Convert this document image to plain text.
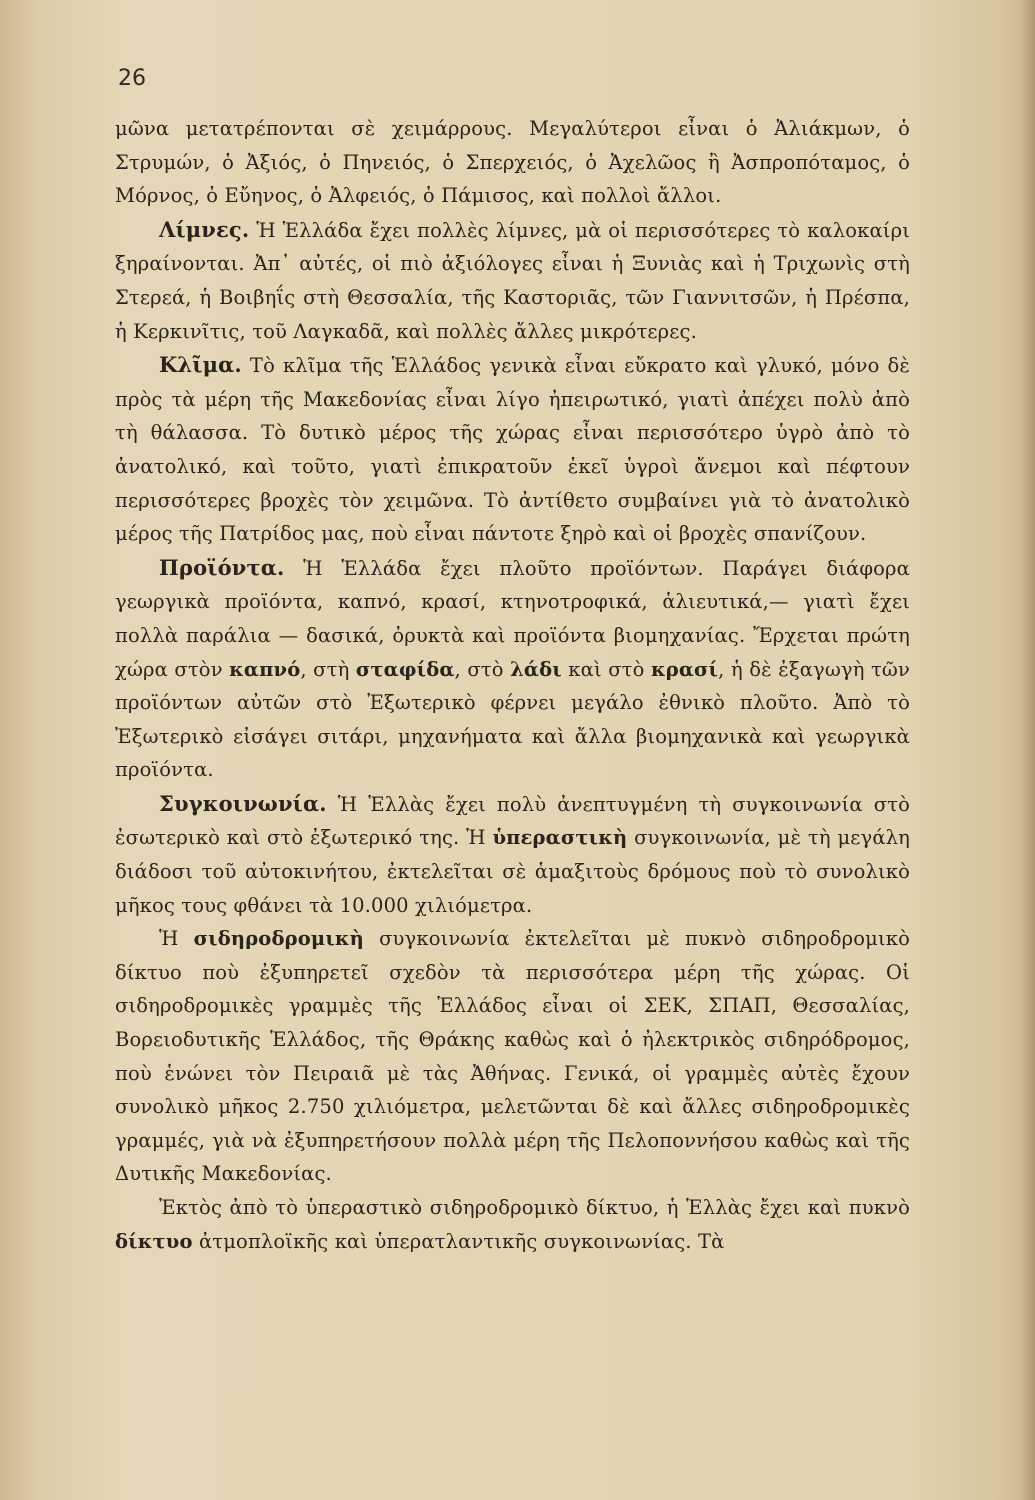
26

μῶνα μετατρέπονται σὲ χειμάρρους. Μεγαλύτεροι εἶναι ὁ Ἀλιάκμων, ὁ Στρυμών, ὁ Ἀξιός, ὁ Πηνειός, ὁ Σπερχειός, ὁ Ἀχελῶος ἢ Ἀσπροπόταμος, ὁ Μόρνος, ὁ Εὔηνος, ὁ Ἀλφειός, ὁ Πάμισος, καὶ πολλοὶ ἄλλοι.

Λίμνες. Ἡ Ἑλλάδα ἔχει πολλὲς λίμνες, μὰ οἱ περισσότερες τὸ καλοκαίρι ξηραίνονται. Ἀπ᾽ αὐτές, οἱ πιὸ ἀξιόλογες εἶναι ἡ Ξυνιὰς καὶ ἡ Τριχωνὶς στὴ Στερεά, ἡ Βοιβηΐς στὴ Θεσσαλία, τῆς Καστοριᾶς, τῶν Γιαννιτσῶν, ἡ Πρέσπα, ἡ Κερκινῖτις, τοῦ Λαγκαδᾶ, καὶ πολλὲς ἄλλες μικρότερες.

Κλῖμα. Τὸ κλῖμα τῆς Ἑλλάδος γενικὰ εἶναι εὔκρατο καὶ γλυκό, μόνο δὲ πρὸς τὰ μέρη τῆς Μακεδονίας εἶναι λίγο ἠπειρωτικό, γιατὶ ἀπέχει πολὺ ἀπὸ τὴ θάλασσα. Τὸ δυτικὸ μέρος τῆς χώρας εἶναι περισσότερο ὑγρὸ ἀπὸ τὸ ἀνατολικό, καὶ τοῦτο, γιατὶ ἐπικρατοῦν ἐκεῖ ὑγροὶ ἄνεμοι καὶ πέφτουν περισσότερες βροχὲς τὸν χειμῶνα. Τὸ ἀντίθετο συμβαίνει γιὰ τὸ ἀνατολικὸ μέρος τῆς Πατρίδος μας, ποὺ εἶναι πάντοτε ξηρὸ καὶ οἱ βροχὲς σπανίζουν.

Προϊόντα. Ἡ Ἑλλάδα ἔχει πλοῦτο προϊόντων. Παράγει διάφορα γεωργικὰ προϊόντα, καπνό, κρασί, κτηνοτροφικά, ἁλιευτικά,— γιατὶ ἔχει πολλὰ παράλια — δασικά, ὀρυκτὰ καὶ προϊόντα βιομηχανίας. Ἔρχεται πρώτη χώρα στὸν καπνό, στὴ σταφίδα, στὸ λάδι καὶ στὸ κρασί, ἡ δὲ ἐξαγωγὴ τῶν προϊόντων αὐτῶν στὸ Ἐξωτερικὸ φέρνει μεγάλο ἐθνικὸ πλοῦτο. Ἀπὸ τὸ Ἐξωτερικὸ εἰσάγει σιτάρι, μηχανήματα καὶ ἄλλα βιομηχανικὰ καὶ γεωργικὰ προϊόντα.

Συγκοινωνία. Ἡ Ἑλλὰς ἔχει πολὺ ἀνεπτυγμένη τὴ συγκοινωνία στὸ ἐσωτερικὸ καὶ στὸ ἐξωτερικό της. Ἡ ὑπεραστικὴ συγκοινωνία, μὲ τὴ μεγάλη διάδοσι τοῦ αὐτοκινήτου, ἐκτελεῖται σὲ ἁμαξιτοὺς δρόμους ποὺ τὸ συνολικὸ μῆκος τους φθάνει τὰ 10.000 χιλιόμετρα.

Ἡ σιδηροδρομικὴ συγκοινωνία ἐκτελεῖται μὲ πυκνὸ σιδηροδρομικὸ δίκτυο ποὺ ἐξυπηρετεῖ σχεδὸν τὰ περισσότερα μέρη τῆς χώρας. Οἱ σιδηροδρομικὲς γραμμὲς τῆς Ἑλλάδος εἶναι οἱ ΣΕΚ, ΣΠΑΠ, Θεσσαλίας, Βορειοδυτικῆς Ἑλλάδος, τῆς Θράκης καθὼς καὶ ὁ ἠλεκτρικὸς σιδηρόδρομος, ποὺ ἑνώνει τὸν Πειραιᾶ μὲ τὰς Ἀθήνας. Γενικά, οἱ γραμμὲς αὐτὲς ἔχουν συνολικὸ μῆκος 2.750 χιλιόμετρα, μελετῶνται δὲ καὶ ἄλλες σιδηροδρομικὲς γραμμές, γιὰ νὰ ἐξυπηρετήσουν πολλὰ μέρη τῆς Πελοποννήσου καθὼς καὶ τῆς Δυτικῆς Μακεδονίας.

Ἐκτὸς ἀπὸ τὸ ὑπεραστικὸ σιδηροδρομικὸ δίκτυο, ἡ Ἑλλὰς ἔχει καὶ πυκνὸ δίκτυο ἀτμοπλοϊκῆς καὶ ὑπερατλαντικῆς συγκοινωνίας. Τὰ
